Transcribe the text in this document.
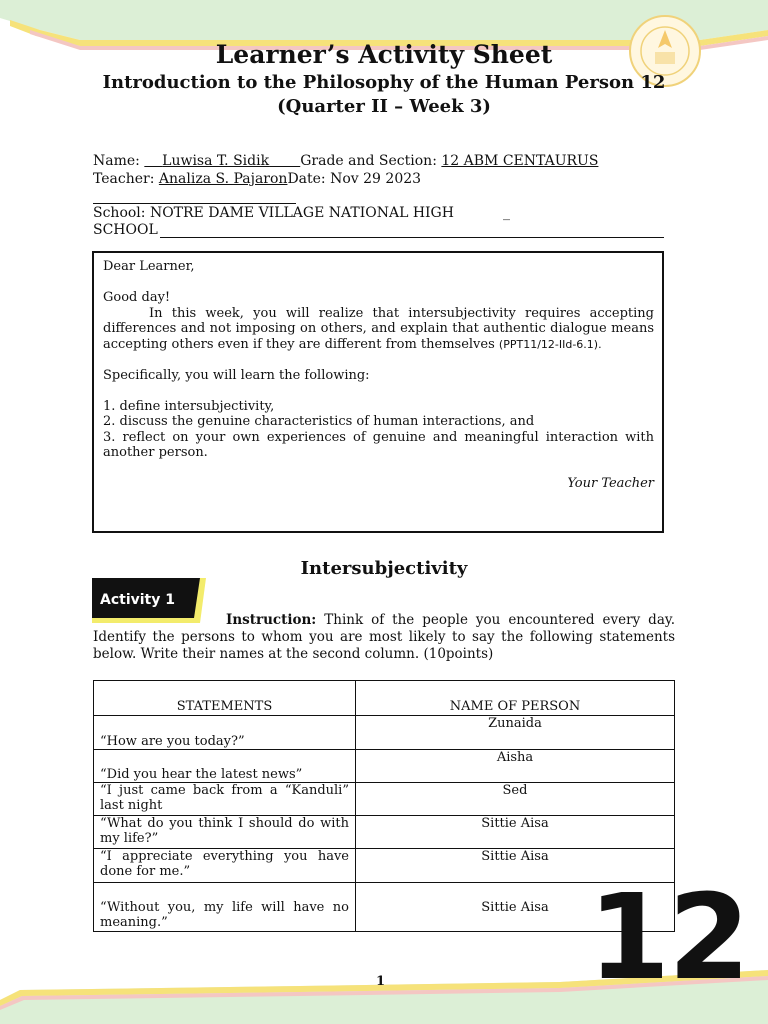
Learner’s Activity Sheet
Introduction to the Philosophy of the Human Person 12
(Quarter II – Week 3)
Name: Luwisa T. Sidik Grade and Section: 12 ABM CENTAURUS
Teacher: Analiza S. PajaronDate: Nov 29 2023
School: NOTRE DAME VILLAGE NATIONAL HIGH	_
SCHOOL

Dear Learner,

Good day!

In this week, you will realize that intersubjectivity requires accepting differences and not imposing on others, and explain that authentic dialogue means accepting others even if they are different from themselves (PPT11/12-IId-6.1).

Specifically, you will learn the following:

1. define intersubjectivity,

2. discuss the genuine characteristics of human interactions, and

3. reflect on your own experiences of genuine and meaningful interaction with another person.

Your Teacher

Intersubjectivity
Activity 1

Instruction: Think of the people you encountered every day. Identify the persons to whom you are most likely to say the following statements below. Write their names at the second column. (10points)

STATEMENTS	NAME OF PERSON
“How are you today?”	Zunaida
“Did you hear the latest news”	Aisha
“I just came back from a “Kanduli” last night	Sed
“What do you think I should do with my life?”	Sittie Aisa
“I appreciate everything you have done for me.”	Sittie Aisa
“Without you, my life will have no meaning.”	Sittie Aisa 12
1
